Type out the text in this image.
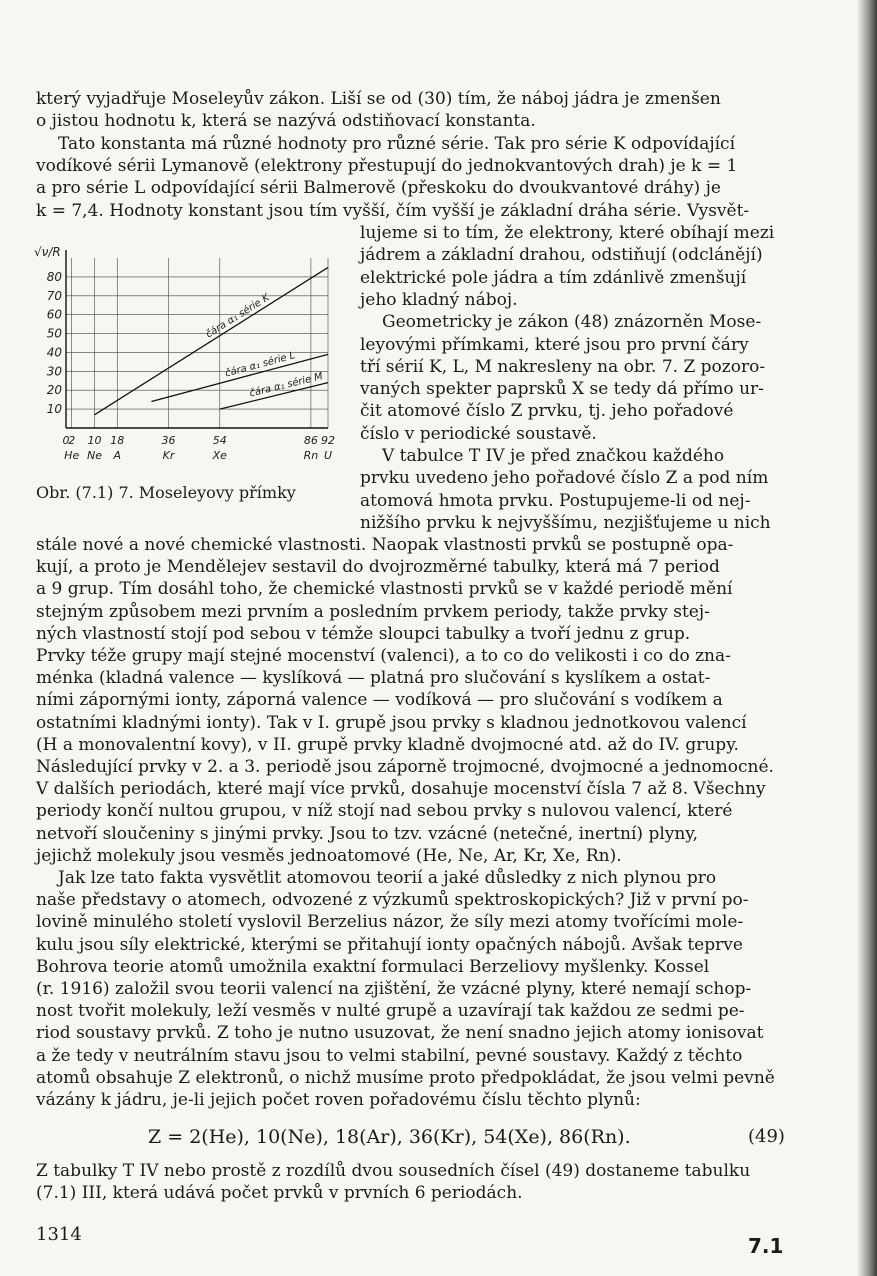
který vyjadřuje Moseleyův zákon. Liší se od (30) tím, že náboj jádra je zmenšen
o jistou hodnotu k, která se nazývá odstiňovací konstanta.
Tato konstanta má různé hodnoty pro různé série. Tak pro série K odpovídající
vodíkové sérii Lymanově (elektrony přestupují do jednokvantových drah) je k = 1
a pro série L odpovídající sérii Balmerově (přeskoku do dvoukvantové dráhy) je
k = 7,4. Hodnoty konstant jsou tím vyšší, čím vyšší je základní dráha série. Vysvět-
lujeme si to tím, že elektrony, které obíhají mezi
jádrem a základní drahou, odstiňují (odclánějí)
elektrické pole jádra a tím zdánlivě zmenšují
jeho kladný náboj.
Geometricky je zákon (48) znázorněn Mose-
leyovými přímkami, které jsou pro první čáry
tří sérií K, L, M nakresleny na obr. 7. Z pozoro-
vaných spekter paprsků X se tedy dá přímo ur-
čit atomové číslo Z prvku, tj. jeho pořadové
číslo v periodické soustavě.
V tabulce T IV je před značkou každého
prvku uvedeno jeho pořadové číslo Z a pod ním
atomová hmota prvku. Postupujeme-li od nej-
nižšího prvku k nejvyššímu, nezjišťujeme u nich
√ν/R
10
20
30
40
50
60
70
80
0
2 10 18	36	54	86 92
He Ne A	Kr	Xe	Rn U
čára α₁ série K
čára α₁ série L
čára α₁ série M
Obr. (7.1) 7. Moseleyovy přímky
stále nové a nové chemické vlastnosti. Naopak vlastnosti prvků se postupně opa-
kují, a proto je Mendělejev sestavil do dvojrozměrné tabulky, která má 7 period
a 9 grup. Tím dosáhl toho, že chemické vlastnosti prvků se v každé periodě mění
stejným způsobem mezi prvním a posledním prvkem periody, takže prvky stej-
ných vlastností stojí pod sebou v témže sloupci tabulky a tvoří jednu z grup.
Prvky téže grupy mají stejné mocenství (valenci), a to co do velikosti i co do zna-
ménka (kladná valence — kyslíková — platná pro slučování s kyslíkem a ostat-
ními zápornými ionty, záporná valence — vodíková — pro slučování s vodíkem a
ostatními kladnými ionty). Tak v I. grupě jsou prvky s kladnou jednotkovou valencí
(H a monovalentní kovy), v II. grupě prvky kladně dvojmocné atd. až do IV. grupy.
Následující prvky v 2. a 3. periodě jsou záporně trojmocné, dvojmocné a jednomocné.
V dalších periodách, které mají více prvků, dosahuje mocenství čísla 7 až 8. Všechny
periody končí nultou grupou, v níž stojí nad sebou prvky s nulovou valencí, které
netvoří sloučeniny s jinými prvky. Jsou to tzv. vzácné (netečné, inertní) plyny,
jejichž molekuly jsou vesměs jednoatomové (He, Ne, Ar, Kr, Xe, Rn).
Jak lze tato fakta vysvětlit atomovou teorií a jaké důsledky z nich plynou pro
naše představy o atomech, odvozené z výzkumů spektroskopických? Již v první po-
lovině minulého století vyslovil Berzelius názor, že síly mezi atomy tvořícími mole-
kulu jsou síly elektrické, kterými se přitahují ionty opačných nábojů. Avšak teprve
Bohrova teorie atomů umožnila exaktní formulaci Berzeliovy myšlenky. Kossel
(r. 1916) založil svou teorii valencí na zjištění, že vzácné plyny, které nemají schop-
nost tvořit molekuly, leží vesměs v nulté grupě a uzavírají tak každou ze sedmi pe-
riod soustavy prvků. Z toho je nutno usuzovat, že není snadno jejich atomy ionisovat
a že tedy v neutrálním stavu jsou to velmi stabilní, pevné soustavy. Každý z těchto
atomů obsahuje Z elektronů, o nichž musíme proto předpokládat, že jsou velmi pevně
vázány k jádru, je-li jejich počet roven pořadovému číslu těchto plynů:
Z = 2(He), 10(Ne), 18(Ar), 36(Kr), 54(Xe), 86(Rn).	(49)
Z tabulky T IV nebo prostě z rozdílů dvou sousedních čísel (49) dostaneme tabulku
(7.1) III, která udává počet prvků v prvních 6 periodách.
1314	7.1
